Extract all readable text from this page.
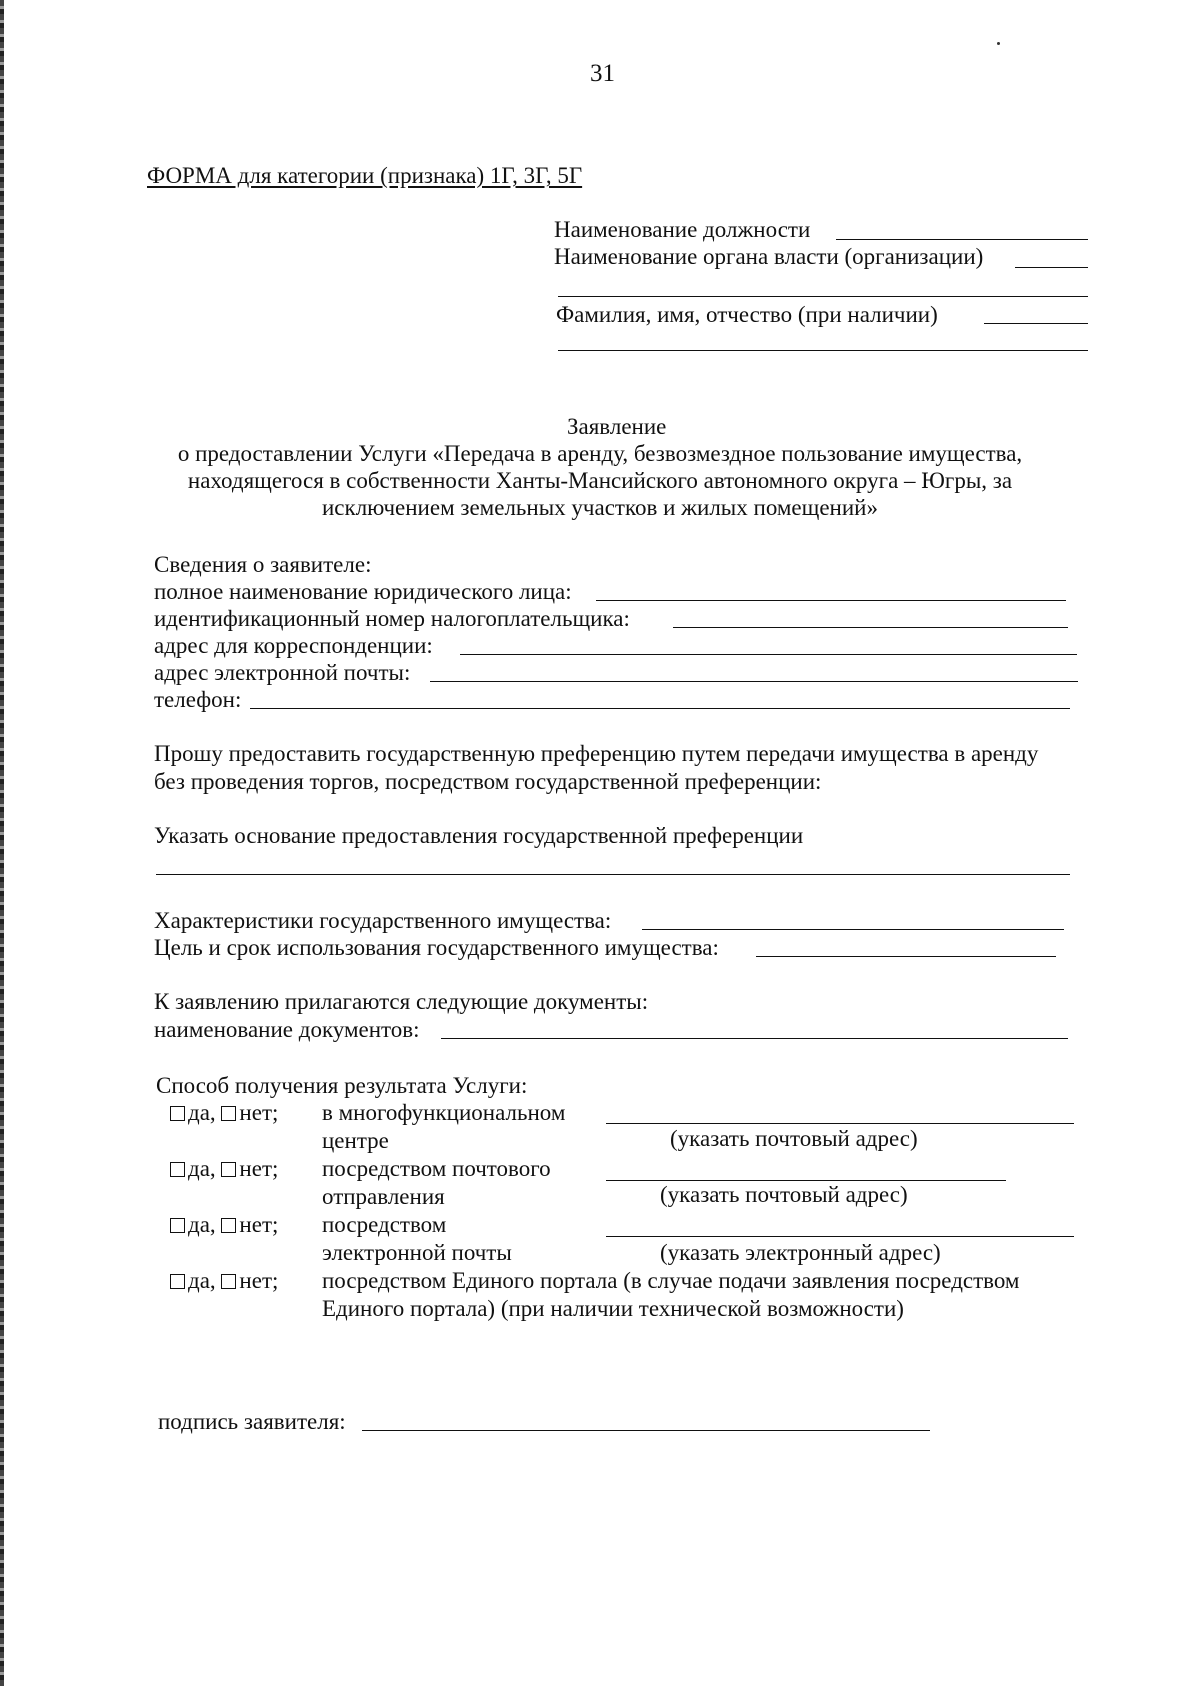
31
ФОРМА для категории (признака) 1Г, 3Г, 5Г
Наименование должности
Наименование органа власти (организации)
Фамилия, имя, отчество (при наличии)
Заявление
о предоставлении Услуги «Передача в аренду, безвозмездное пользование имущества,
находящегося в собственности Ханты-Мансийского автономного округа – Югры, за
исключением земельных участков и жилых помещений»
Сведения о заявителе:
полное наименование юридического лица:
идентификационный номер налогоплательщика:
адрес для корреспонденции:
адрес электронной почты:
телефон:
Прошу предоставить государственную преференцию путем передачи имущества в аренду
без проведения торгов, посредством государственной преференции:
Указать основание предоставления государственной преференции
Характеристики государственного имущества:
Цель и срок использования государственного имущества:
К заявлению прилагаются следующие документы:
наименование документов:
Способ получения результата Услуги:
да, нет; в многофункциональном
центре	(указать почтовый адрес)
да, нет; посредством почтового
отправления	(указать почтовый адрес)
да, нет; посредством
электронной почты	(указать электронный адрес)
да, нет; посредством Единого портала (в случае подачи заявления посредством
Единого портала) (при наличии технической возможности)
подпись заявителя:
